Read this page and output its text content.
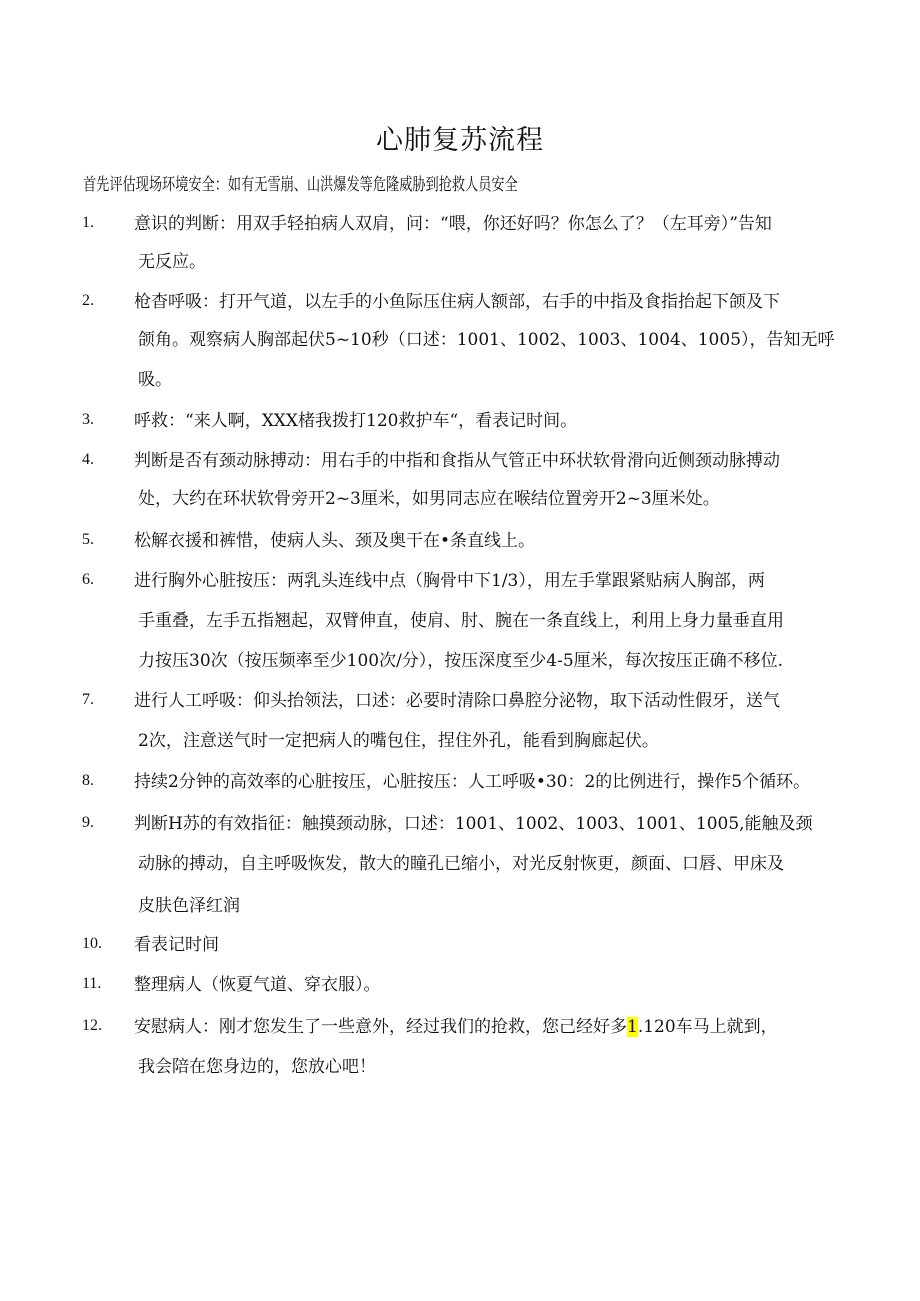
心肺复苏流程
首先评估现场环境安全：如有无雪崩、山洪爆发等危隆威胁到抢救人员安全
1. 意识的判断：用双手轻拍病人双肩，问：“喂，你还好吗？你怎么了？（左耳旁）”告知
无反应。
2. 枪杳呼吸：打开气道，以左手的小鱼际压住病人额部，右手的中指及食指抬起下颌及下
颌角。观察病人胸部起伏5~10秒（口述：1001、1002、1003、1004、1005），告知无呼
吸。
3. 呼救：“来人啊，XXX楮我拨打120救护车“，看表记时间。
4. 判断是否有颈动脉搏动：用右手的中指和食指从气管正中环状软骨滑向近侧颈动脉搏动
处，大约在环状软骨旁开2~3厘米，如男同志应在喉结位置旁开2~3厘米处。
5. 松解衣援和裤惜，使病人头、颈及奥干在•条直线上。
6. 进行胸外心脏按压：两乳头连线中点（胸骨中下1/3），用左手掌跟紧贴病人胸部，两
手重叠，左手五指翘起，双臂伸直，使肩、肘、腕在一条直线上，利用上身力量垂直用
力按压30次（按压频率至少100次/分），按压深度至少4-5厘米，每次按压正确不移位.
7. 进行人工呼吸：仰头抬领法，口述：必要时清除口鼻腔分泌物，取下活动性假牙，送气
2次，注意送气时一定把病人的嘴包住，捏住外孔，能看到胸廊起伏。
8. 持续2分钟的高效率的心脏按压，心脏按压：人工呼吸•30：2的比例进行，操作5个循环。
9. 判断H苏的有效指征：触摸颈动脉，口述：1001、1002、1003、1001、1005,能触及颈
动脉的搏动，自主呼吸恢发，散大的瞳孔已缩小，对光反射恢更，颜面、口唇、甲床及
皮肤色泽红润
10. 看表记时间
11. 整理病人（恢夏气道、穿衣服）。
12. 安慰病人：刚才您发生了一些意外，经过我们的抢救，您己经好多1.120车马上就到，
我会陪在您身边的，您放心吧！
